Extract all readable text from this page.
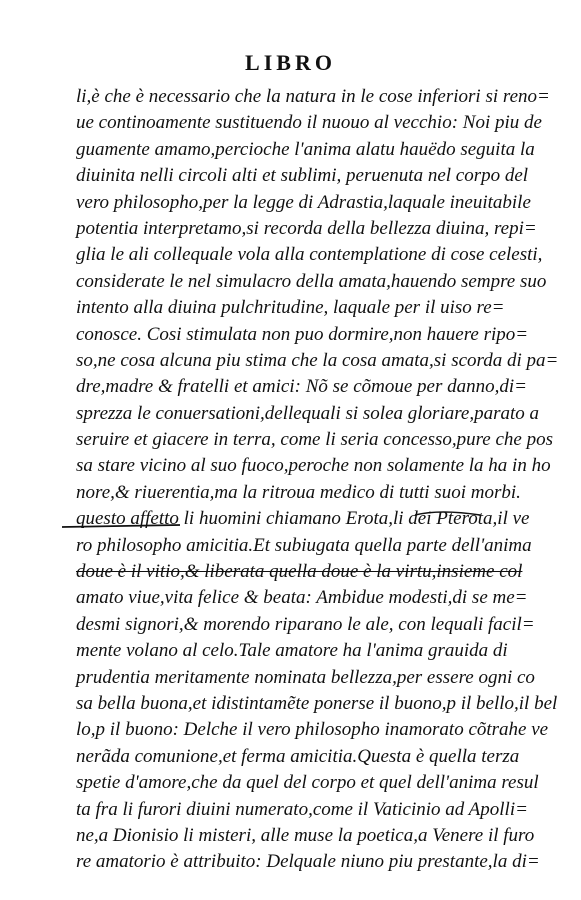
LIBRO
li,è che è necessario che la natura in le cose inferiori si reno=
ue continoamente sustituendo il nuouo al vecchio: Noi piu de
guamente amamo,percioche l'anima alatu hauëdo seguita la
diuinita nelli circoli alti et sublimi, peruenuta nel corpo del
vero philosopho,per la legge di Adrastia,laquale ineuitabile
potentia interpretamo,si recorda della bellezza diuina, repi=
glia le ali collequale vola alla contemplatione di cose celesti,
considerate le nel simulacro della amata,hauendo sempre suo
intento alla diuina pulchritudine, laquale per il uiso re=
conosce. Cosi stimulata non puo dormire,non hauere ripo=
so,ne cosa alcuna piu stima che la cosa amata,si scorda di pa=
dre,madre & fratelli et amici: Nõ se cõmoue per danno,di=
sprezza le conuersationi,dellequali si solea gloriare,parato a
seruire et giacere in terra, come li seria concesso,pure che pos
sa stare vicino al suo fuoco,peroche non solamente la ha in ho
nore,& riuerentia,ma la ritroua medico di tutti suoi morbi.
questo affetto li huomini chiamano Erota,li dei Pterota,il ve
ro philosopho amicitia.Et subiugata quella parte dell'anima
doue è il vitio,& liberata quella doue è la virtu,insieme col
amato viue,vita felice & beata: Ambidue modesti,di se me=
desmi signori,& morendo riparano le ale, con lequali facil=
mente volano al celo.Tale amatore ha l'anima grauida di
prudentia meritamente nominata bellezza,per essere ogni co
sa bella buona,et idistintamẽte ponerse il buono,p il bello,il bel
lo,p il buono: Delche il vero philosopho inamorato cõtrahe ve
nerãda comunione,et ferma amicitia.Questa è quella terza
spetie d'amore,che da quel del corpo et quel dell'anima resul
ta fra li furori diuini numerato,come il Vaticinio ad Apolli=
ne,a Dionisio li misteri, alle muse la poetica,a Venere il furo
re amatorio è attribuito: Delquale niuno piu prestante,la di=
